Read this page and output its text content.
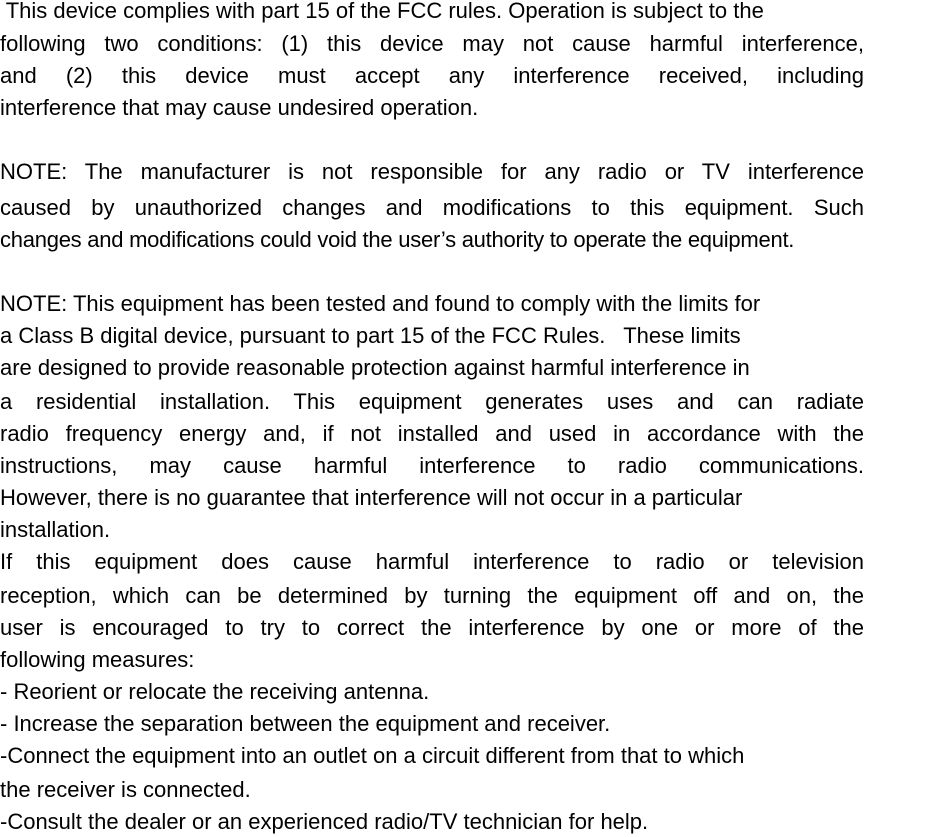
This device complies with part 15 of the FCC rules. Operation is subject to the
following two conditions: (1) this device may not cause harmful interference,
and (2) this device must accept any interference received, including
interference that may cause undesired operation.
NOTE: The manufacturer is not responsible for any radio or TV interference
caused by unauthorized changes and modifications to this equipment. Such
changes and modifications could void the user’s authority to operate the equipment.
NOTE: This equipment has been tested and found to comply with the limits for
a Class B digital device, pursuant to part 15 of the FCC Rules.   These limits
are designed to provide reasonable protection against harmful interference in
a residential installation. This equipment generates uses and can radiate
radio frequency energy and, if not installed and used in accordance with the
instructions, may cause harmful interference to radio communications.
However, there is no guarantee that interference will not occur in a particular
installation.
If this equipment does cause harmful interference to radio or television
reception, which can be determined by turning the equipment off and on, the
user is encouraged to try to correct the interference by one or more of the
following measures:
- Reorient or relocate the receiving antenna.
- Increase the separation between the equipment and receiver.
-Connect the equipment into an outlet on a circuit different from that to which
the receiver is connected.
-Consult the dealer or an experienced radio/TV technician for help.
